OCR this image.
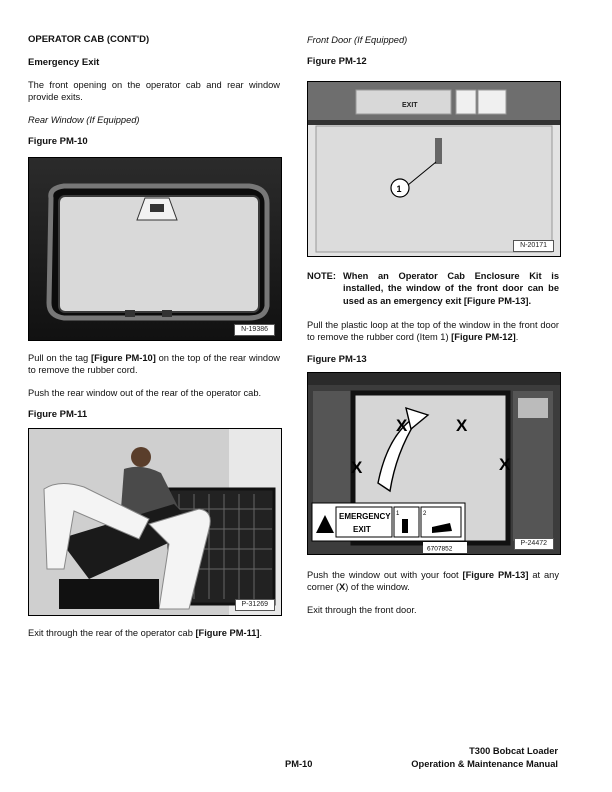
OPERATOR CAB (CONT'D)

Emergency Exit

The front opening on the operator cab and rear window provide exits.

Rear Window (If Equipped)

Figure PM-10

N-19386

Pull on the tag [Figure PM-10] on the top of the rear window to remove the rubber cord.

Push the rear window out of the rear of the operator cab.

Figure PM-11

P-31269

Exit through the rear of the operator cab [Figure PM-11].

Front Door (If Equipped)

Figure PM-12

EXIT
1
N-20171
NOTE: When an Operator Cab Enclosure Kit is installed, the window of the front door can be used as an emergency exit [Figure PM-13].

Pull the plastic loop at the top of the window in the front door to remove the rubber cord (Item 1) [Figure PM-12].

Figure PM-13

X	X
X	X
EMERGENCY
EXIT
1	2
6707852
P-24472

Push the window out with your foot [Figure PM-13] at any corner (X) of the window.

Exit through the front door.

PM-10
T300 Bobcat Loader
Operation & Maintenance Manual
